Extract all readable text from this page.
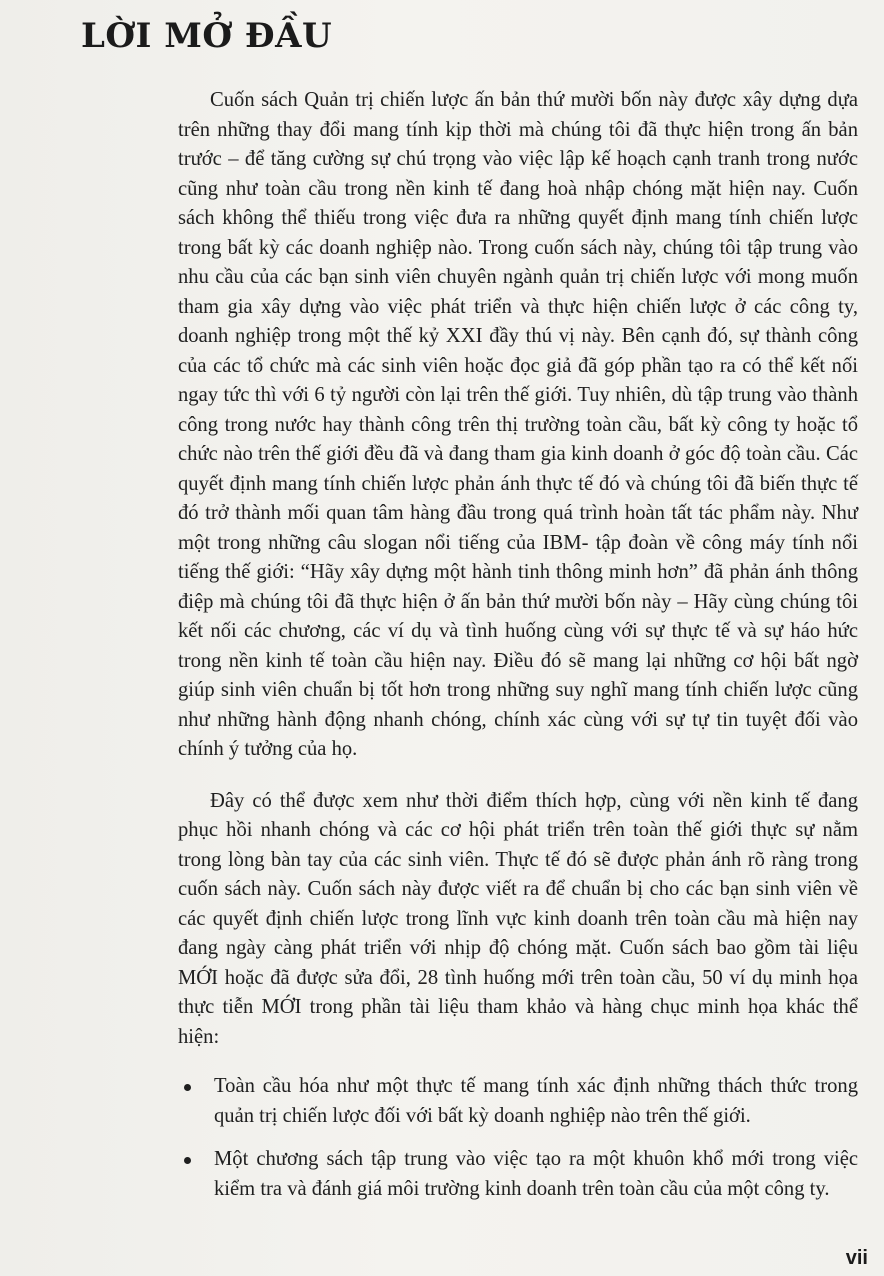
LỜI MỞ ĐẦU

Cuốn sách Quản trị chiến lược ấn bản thứ mười bốn này được xây dựng dựa trên những thay đổi mang tính kịp thời mà chúng tôi đã thực hiện trong ấn bản trước – để tăng cường sự chú trọng vào việc lập kế hoạch cạnh tranh trong nước cũng như toàn cầu trong nền kinh tế đang hoà nhập chóng mặt hiện nay. Cuốn sách không thể thiếu trong việc đưa ra những quyết định mang tính chiến lược trong bất kỳ các doanh nghiệp nào. Trong cuốn sách này, chúng tôi tập trung vào nhu cầu của các bạn sinh viên chuyên ngành quản trị chiến lược với mong muốn tham gia xây dựng vào việc phát triển và thực hiện chiến lược ở các công ty, doanh nghiệp trong một thế kỷ XXI đầy thú vị này. Bên cạnh đó, sự thành công của các tổ chức mà các sinh viên hoặc đọc giả đã góp phần tạo ra có thể kết nối ngay tức thì với 6 tỷ người còn lại trên thế giới. Tuy nhiên, dù tập trung vào thành công trong nước hay thành công trên thị trường toàn cầu, bất kỳ công ty hoặc tổ chức nào trên thế giới đều đã và đang tham gia kinh doanh ở góc độ toàn cầu. Các quyết định mang tính chiến lược phản ánh thực tế đó và chúng tôi đã biến thực tế đó trở thành mối quan tâm hàng đầu trong quá trình hoàn tất tác phẩm này. Như một trong những câu slogan nổi tiếng của IBM- tập đoàn về công máy tính nổi tiếng thế giới: “Hãy xây dựng một hành tinh thông minh hơn” đã phản ánh thông điệp mà chúng tôi đã thực hiện ở ấn bản thứ mười bốn này – Hãy cùng chúng tôi kết nối các chương, các ví dụ và tình huống cùng với sự thực tế và sự háo hức trong nền kinh tế toàn cầu hiện nay. Điều đó sẽ mang lại những cơ hội bất ngờ giúp sinh viên chuẩn bị tốt hơn trong những suy nghĩ mang tính chiến lược cũng như những hành động nhanh chóng, chính xác cùng với sự tự tin tuyệt đối vào chính ý tưởng của họ.

Đây có thể được xem như thời điểm thích hợp, cùng với nền kinh tế đang phục hồi nhanh chóng và các cơ hội phát triển trên toàn thế giới thực sự nằm trong lòng bàn tay của các sinh viên. Thực tế đó sẽ được phản ánh rõ ràng trong cuốn sách này. Cuốn sách này được viết ra để chuẩn bị cho các bạn sinh viên về các quyết định chiến lược trong lĩnh vực kinh doanh trên toàn cầu mà hiện nay đang ngày càng phát triển với nhịp độ chóng mặt. Cuốn sách bao gồm tài liệu MỚI hoặc đã được sửa đổi, 28 tình huống mới trên toàn cầu, 50 ví dụ minh họa thực tiễn MỚI trong phần tài liệu tham khảo và hàng chục minh họa khác thể hiện:

Toàn cầu hóa như một thực tế mang tính xác định những thách thức trong quản trị chiến lược đối với bất kỳ doanh nghiệp nào trên thế giới.
Một chương sách tập trung vào việc tạo ra một khuôn khổ mới trong việc kiểm tra và đánh giá môi trường kinh doanh trên toàn cầu của một công ty.
vii
